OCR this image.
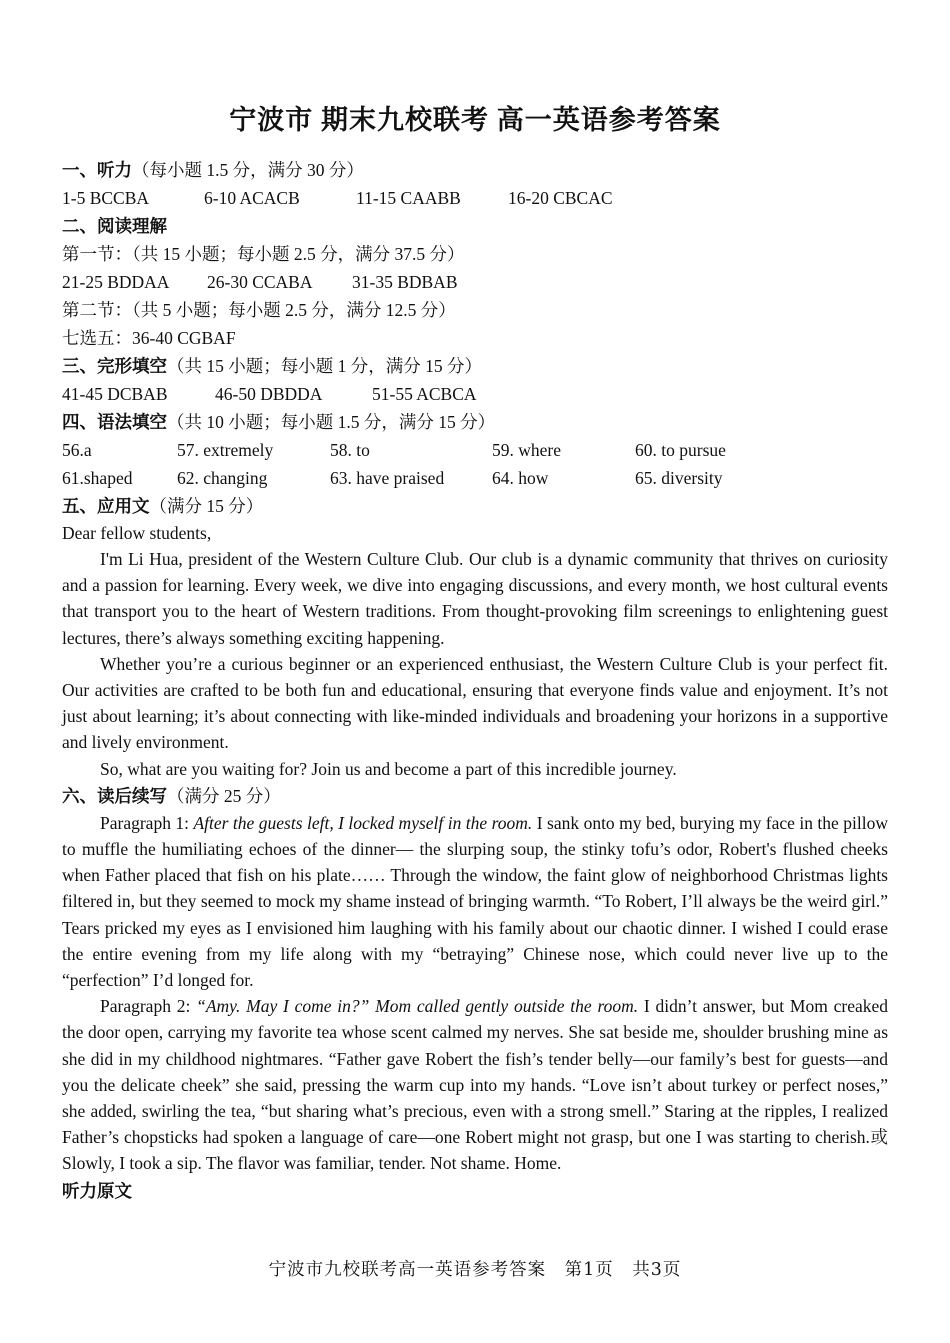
宁波市 期末九校联考 高一英语参考答案
一、听力（每小题 1.5 分，满分 30 分）
1-5 BCCBA	6-10 ACACB	11-15 CAABB	16-20 CBCAC
二、阅读理解
第一节：（共 15 小题；每小题 2.5 分，满分 37.5 分）
21-25 BDDAA 26-30 CCABA 31-35 BDBAB
第二节：（共 5 小题；每小题 2.5 分，满分 12.5 分）
七选五：36-40 CGBAF
三、完形填空（共 15 小题；每小题 1 分，满分 15 分）
41-45 DCBAB	46-50 DBDDA	51-55 ACBCA
四、语法填空（共 10 小题；每小题 1.5 分，满分 15 分）
56.a	57. extremely	58. to	59. where	60. to pursue
61.shaped	62. changing	63. have praised	64. how	65. diversity
五、应用文（满分 15 分）

Dear fellow students,

I'm Li Hua, president of the Western Culture Club. Our club is a dynamic community that thrives on curiosity and a passion for learning. Every week, we dive into engaging discussions, and every month, we host cultural events that transport you to the heart of Western traditions. From thought-provoking film screenings to enlightening guest lectures, there’s always something exciting happening.

Whether you’re a curious beginner or an experienced enthusiast, the Western Culture Club is your perfect fit. Our activities are crafted to be both fun and educational, ensuring that everyone finds value and enjoyment. It’s not just about learning; it’s about connecting with like-minded individuals and broadening your horizons in a supportive and lively environment.

So, what are you waiting for? Join us and become a part of this incredible journey.

六、读后续写（满分 25 分）

Paragraph 1: After the guests left, I locked myself in the room. I sank onto my bed, burying my face in the pillow to muffle the humiliating echoes of the dinner— the slurping soup, the stinky tofu’s odor, Robert's flushed cheeks when Father placed that fish on his plate…… Through the window, the faint glow of neighborhood Christmas lights filtered in, but they seemed to mock my shame instead of bringing warmth. “To Robert, I’ll always be the weird girl.” Tears pricked my eyes as I envisioned him laughing with his family about our chaotic dinner. I wished I could erase the entire evening from my life along with my “betraying” Chinese nose, which could never live up to the “perfection” I’d longed for.

Paragraph 2: “Amy. May I come in?” Mom called gently outside the room. I didn’t answer, but Mom creaked the door open, carrying my favorite tea whose scent calmed my nerves. She sat beside me, shoulder brushing mine as she did in my childhood nightmares. “Father gave Robert the fish’s tender belly—our family’s best for guests—and you the delicate cheek” she said, pressing the warm cup into my hands. “Love isn’t about turkey or perfect noses,” she added, swirling the tea, “but sharing what’s precious, even with a strong smell.” Staring at the ripples, I realized Father’s chopsticks had spoken a language of care—one Robert might not grasp, but one I was starting to cherish.或 Slowly, I took a sip. The flavor was familiar, tender. Not shame. Home.

听力原文
宁波市九校联考高一英语参考答案　第1页　共3页
